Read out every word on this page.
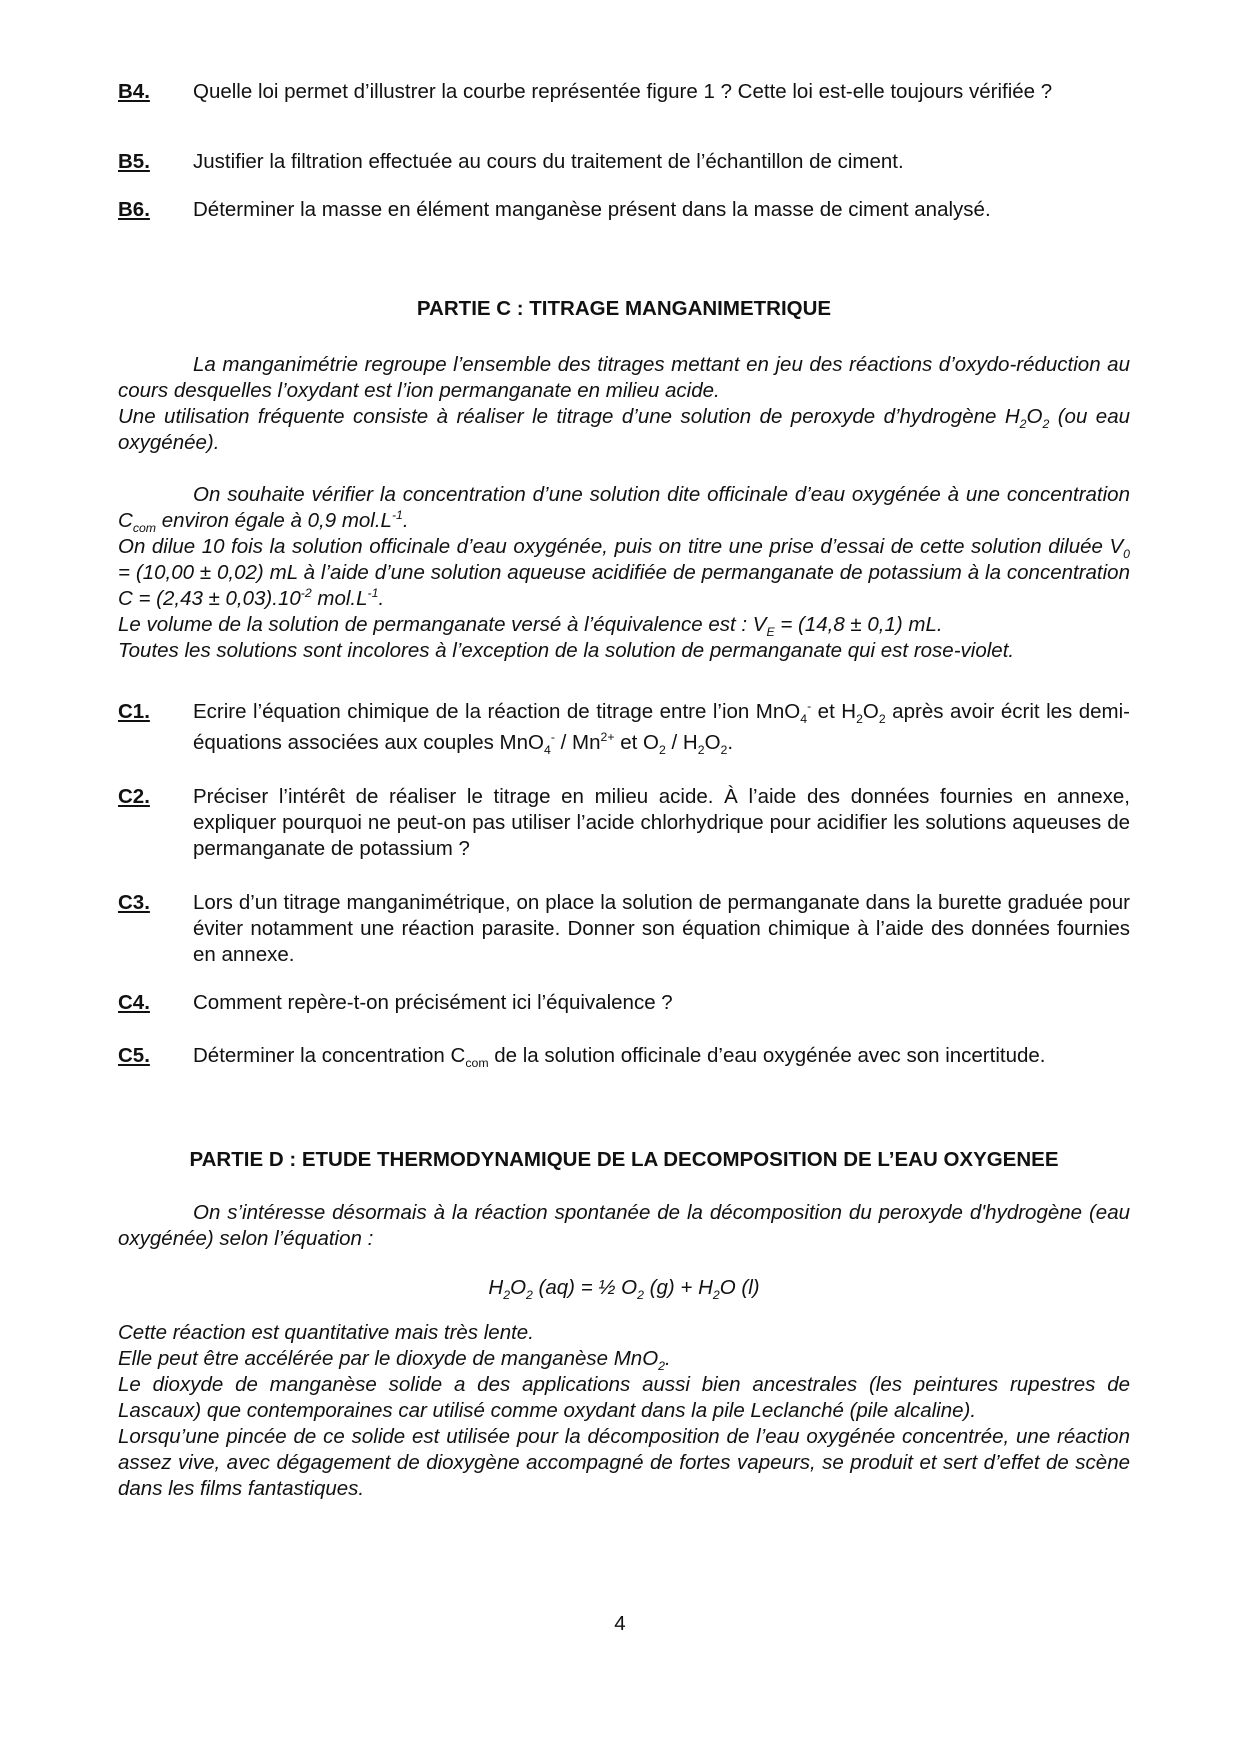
B4. Quelle loi permet d’illustrer la courbe représentée figure 1 ? Cette loi est-elle toujours vérifiée ?
B5. Justifier la filtration effectuée au cours du traitement de l’échantillon de ciment.
B6. Déterminer la masse en élément manganèse présent dans la masse de ciment analysé.
PARTIE C : TITRAGE MANGANIMETRIQUE

La manganimétrie regroupe l’ensemble des titrages mettant en jeu des réactions d’oxydo-réduction au cours desquelles l’oxydant est l’ion permanganate en milieu acide.

Une utilisation fréquente consiste à réaliser le titrage d’une solution de peroxyde d’hydrogène $H_2O_2$ (ou eau oxygénée).

On souhaite vérifier la concentration d’une solution dite officinale d’eau oxygénée à une concentration $C_{com}$ environ égale à 0,9 $mol.L^{-1}$.

On dilue 10 fois la solution officinale d’eau oxygénée, puis on titre une prise d’essai de cette solution diluée $V_0 = (10,00 \pm 0,02)$ mL à l’aide d’une solution aqueuse acidifiée de permanganate de potassium à la concentration $C = (2,43 \pm 0,03).10^{-2}$ $mol.L^{-1}$.

Le volume de la solution de permanganate versé à l’équivalence est : $V_E = (14,8 \pm 0,1)$ mL.

Toutes les solutions sont incolores à l’exception de la solution de permanganate qui est rose-violet.

C1. Ecrire l’équation chimique de la réaction de titrage entre l’ion MnO$_4$- et $H_2O_2$ après avoir écrit les demi-équations associées aux couples $MnO_4^- / Mn^{2+}$ et $O_2 / H_2O_2$.
C2. Préciser l’intérêt de réaliser le titrage en milieu acide. À l’aide des données fournies en annexe, expliquer pourquoi ne peut-on pas utiliser l’acide chlorhydrique pour acidifier les solutions aqueuses de permanganate de potassium ?
C3. Lors d’un titrage manganimétrique, on place la solution de permanganate dans la burette graduée pour éviter notamment une réaction parasite. Donner son équation chimique à l’aide des données fournies en annexe.
C4. Comment repère-t-on précisément ici l’équivalence ?
C5. Déterminer la concentration $C_{com}$ de la solution officinale d’eau oxygénée avec son incertitude.
PARTIE D : ETUDE THERMODYNAMIQUE DE LA DECOMPOSITION DE L’EAU OXYGENEE

On s’intéresse désormais à la réaction spontanée de la décomposition du peroxyde d'hydrogène (eau oxygénée) selon l’équation :

$H_2O_2$ (aq) = ½ $O_2$ $(g) + H_2O$ (l)

Cette réaction est quantitative mais très lente.

Elle peut être accélérée par le dioxyde de manganèse MnO$_2$.

Le dioxyde de manganèse solide a des applications aussi bien ancestrales (les peintures rupestres de Lascaux) que contemporaines car utilisé comme oxydant dans la pile Leclanché (pile alcaline).

Lorsqu’une pincée de ce solide est utilisée pour la décomposition de l’eau oxygénée concentrée, une réaction assez vive, avec dégagement de dioxygène accompagné de fortes vapeurs, se produit et sert d’effet de scène dans les films fantastiques.

4
